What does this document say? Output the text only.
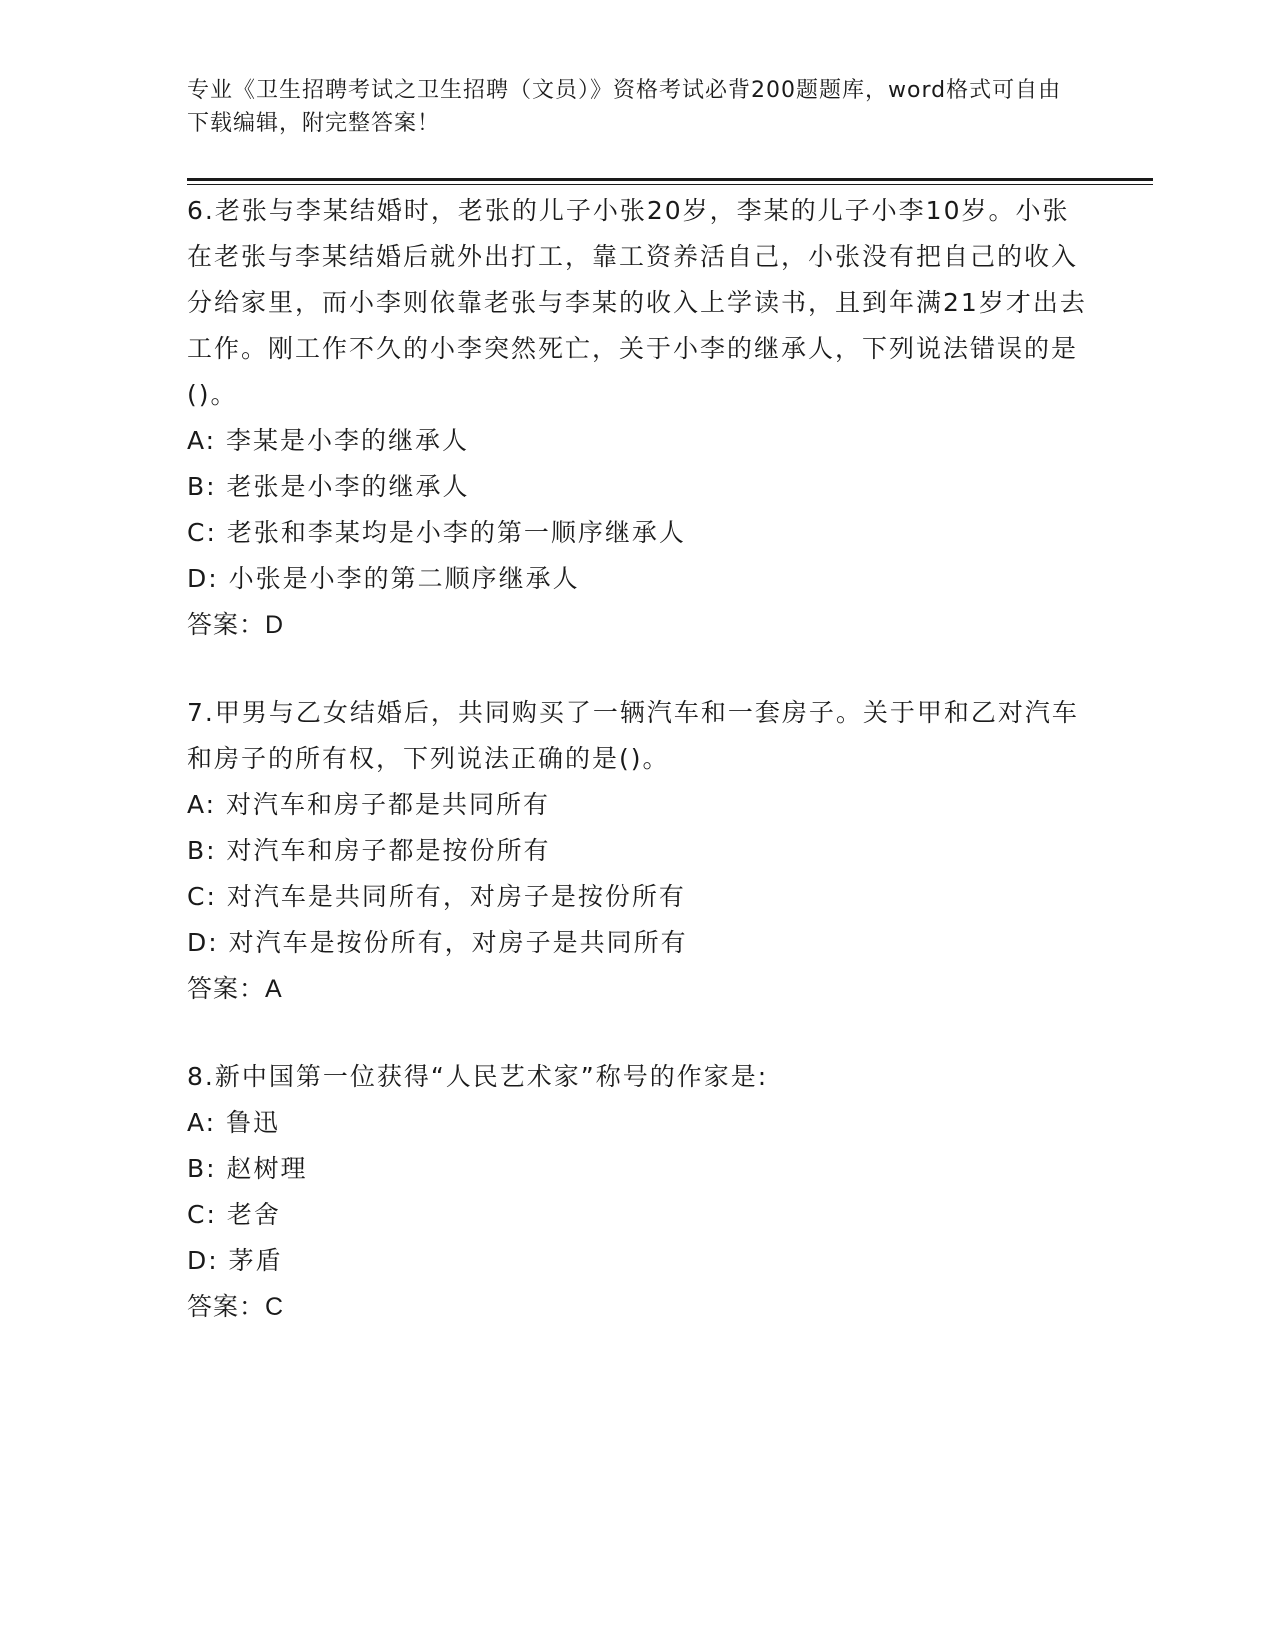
专业《卫生招聘考试之卫生招聘（文员）》资格考试必背200题题库，word格式可自由下载编辑，附完整答案！
6.老张与李某结婚时，老张的儿子小张20岁，李某的儿子小李10岁。小张在老张与李某结婚后就外出打工，靠工资养活自己，小张没有把自己的收入分给家里，而小李则依靠老张与李某的收入上学读书，且到年满21岁才出去工作。刚工作不久的小李突然死亡，关于小李的继承人，下列说法错误的是()。
A: 李某是小李的继承人
B: 老张是小李的继承人
C: 老张和李某均是小李的第一顺序继承人
D: 小张是小李的第二顺序继承人
答案：D
7.甲男与乙女结婚后，共同购买了一辆汽车和一套房子。关于甲和乙对汽车和房子的所有权，下列说法正确的是()。
A: 对汽车和房子都是共同所有
B: 对汽车和房子都是按份所有
C: 对汽车是共同所有，对房子是按份所有
D: 对汽车是按份所有，对房子是共同所有
答案：A
8.新中国第一位获得“人民艺术家”称号的作家是:
A: 鲁迅
B: 赵树理
C: 老舍
D: 茅盾
答案：C
